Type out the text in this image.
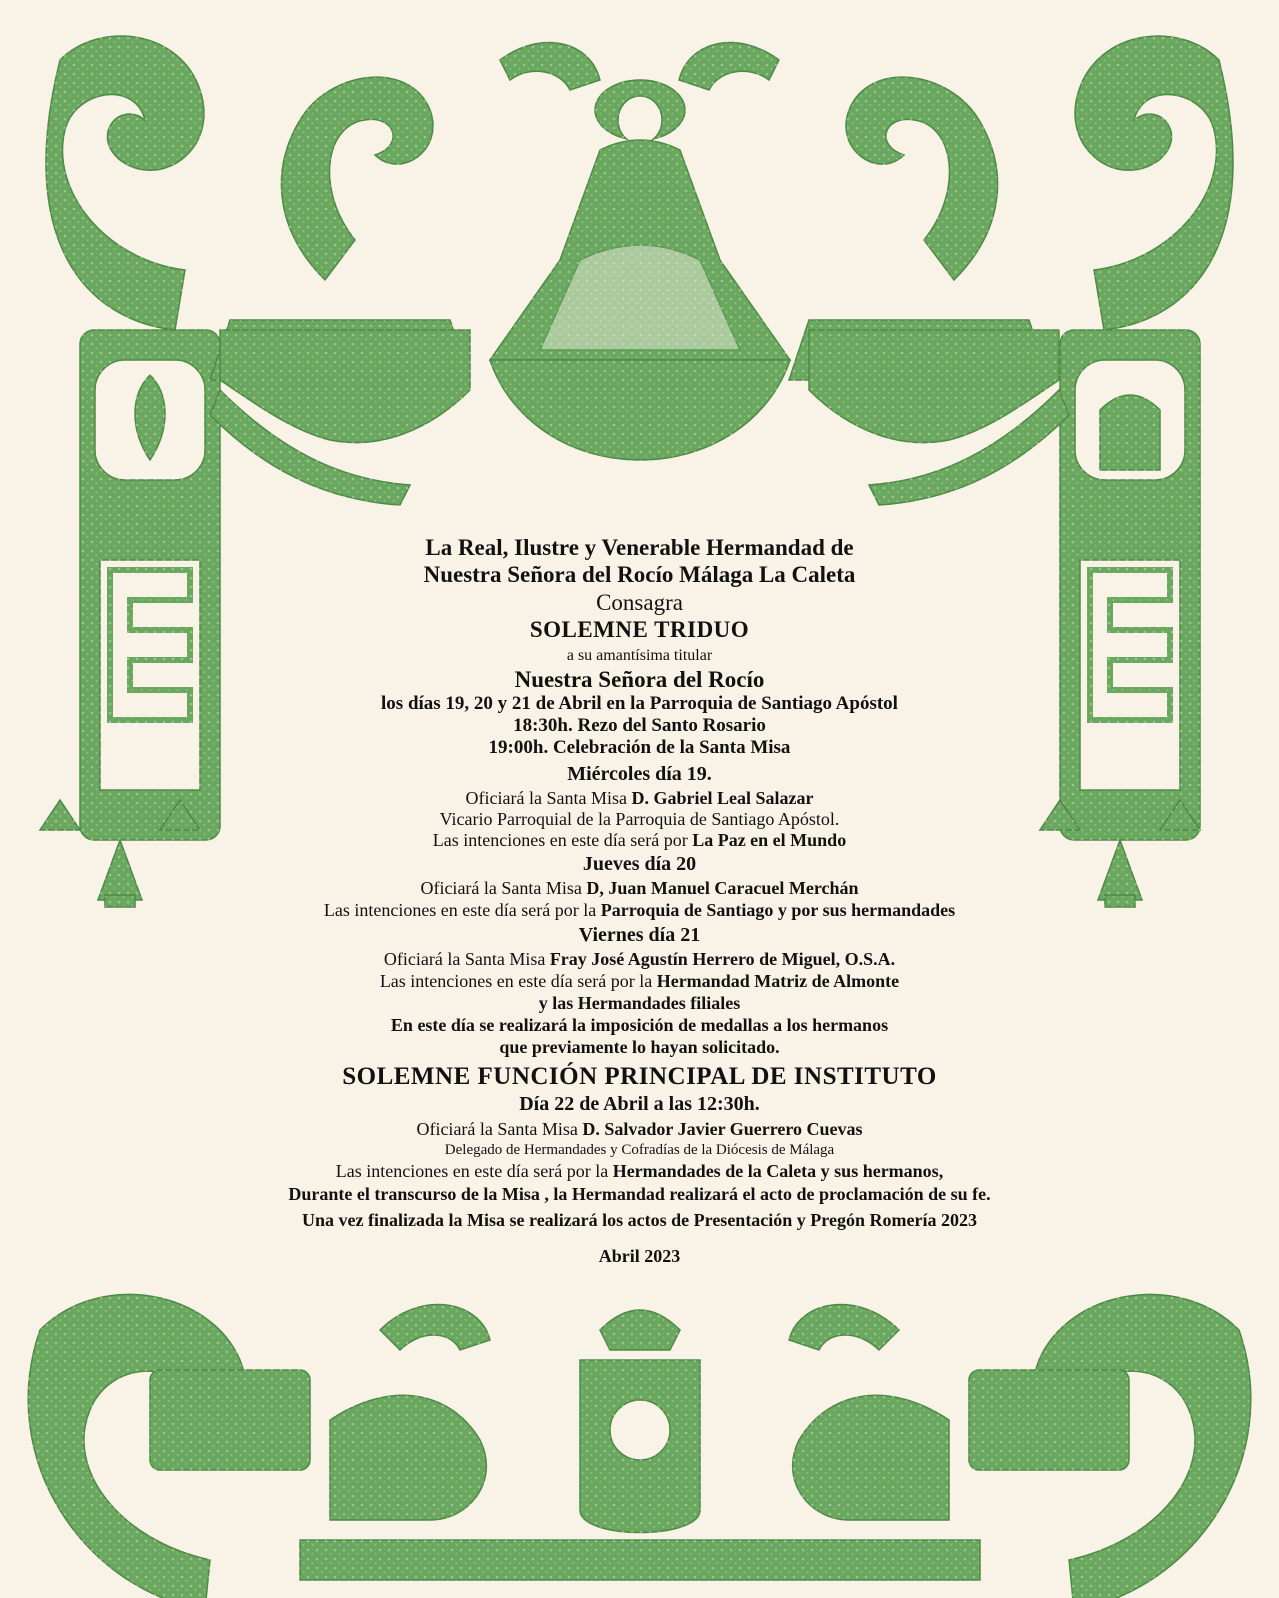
La Real, Ilustre y Venerable Hermandad de
Nuestra Señora del Rocío Málaga La Caleta
Consagra
SOLEMNE TRIDUO
a su amantísima titular
Nuestra Señora del Rocío
los días 19, 20 y 21 de Abril en la Parroquia de Santiago Apóstol
18:30h. Rezo del Santo Rosario
19:00h. Celebración de la Santa Misa
Miércoles día 19.
Oficiará la Santa Misa D. Gabriel Leal Salazar
Vicario Parroquial de la Parroquia de Santiago Apóstol.
Las intenciones en este día será por La Paz en el Mundo
Jueves día 20
Oficiará la Santa Misa D, Juan Manuel Caracuel Merchán
Las intenciones en este día será por la Parroquia de Santiago y por sus hermandades
Viernes día 21
Oficiará la Santa Misa Fray José Agustín Herrero de Miguel, O.S.A.
Las intenciones en este día será por la Hermandad Matriz de Almonte
y las Hermandades filiales
En este día se realizará la imposición de medallas a los hermanos
que previamente lo hayan solicitado.
SOLEMNE FUNCIÓN PRINCIPAL DE INSTITUTO
Día 22 de Abril a las 12:30h.
Oficiará la Santa Misa D. Salvador Javier Guerrero Cuevas
Delegado de Hermandades y Cofradías de la Diócesis de Málaga
Las intenciones en este día será por la Hermandades de la Caleta y sus hermanos,
Durante el transcurso de la Misa , la Hermandad realizará el acto de proclamación de su fe.
Una vez finalizada la Misa se realizará los actos de Presentación y Pregón Romería 2023
Abril 2023
